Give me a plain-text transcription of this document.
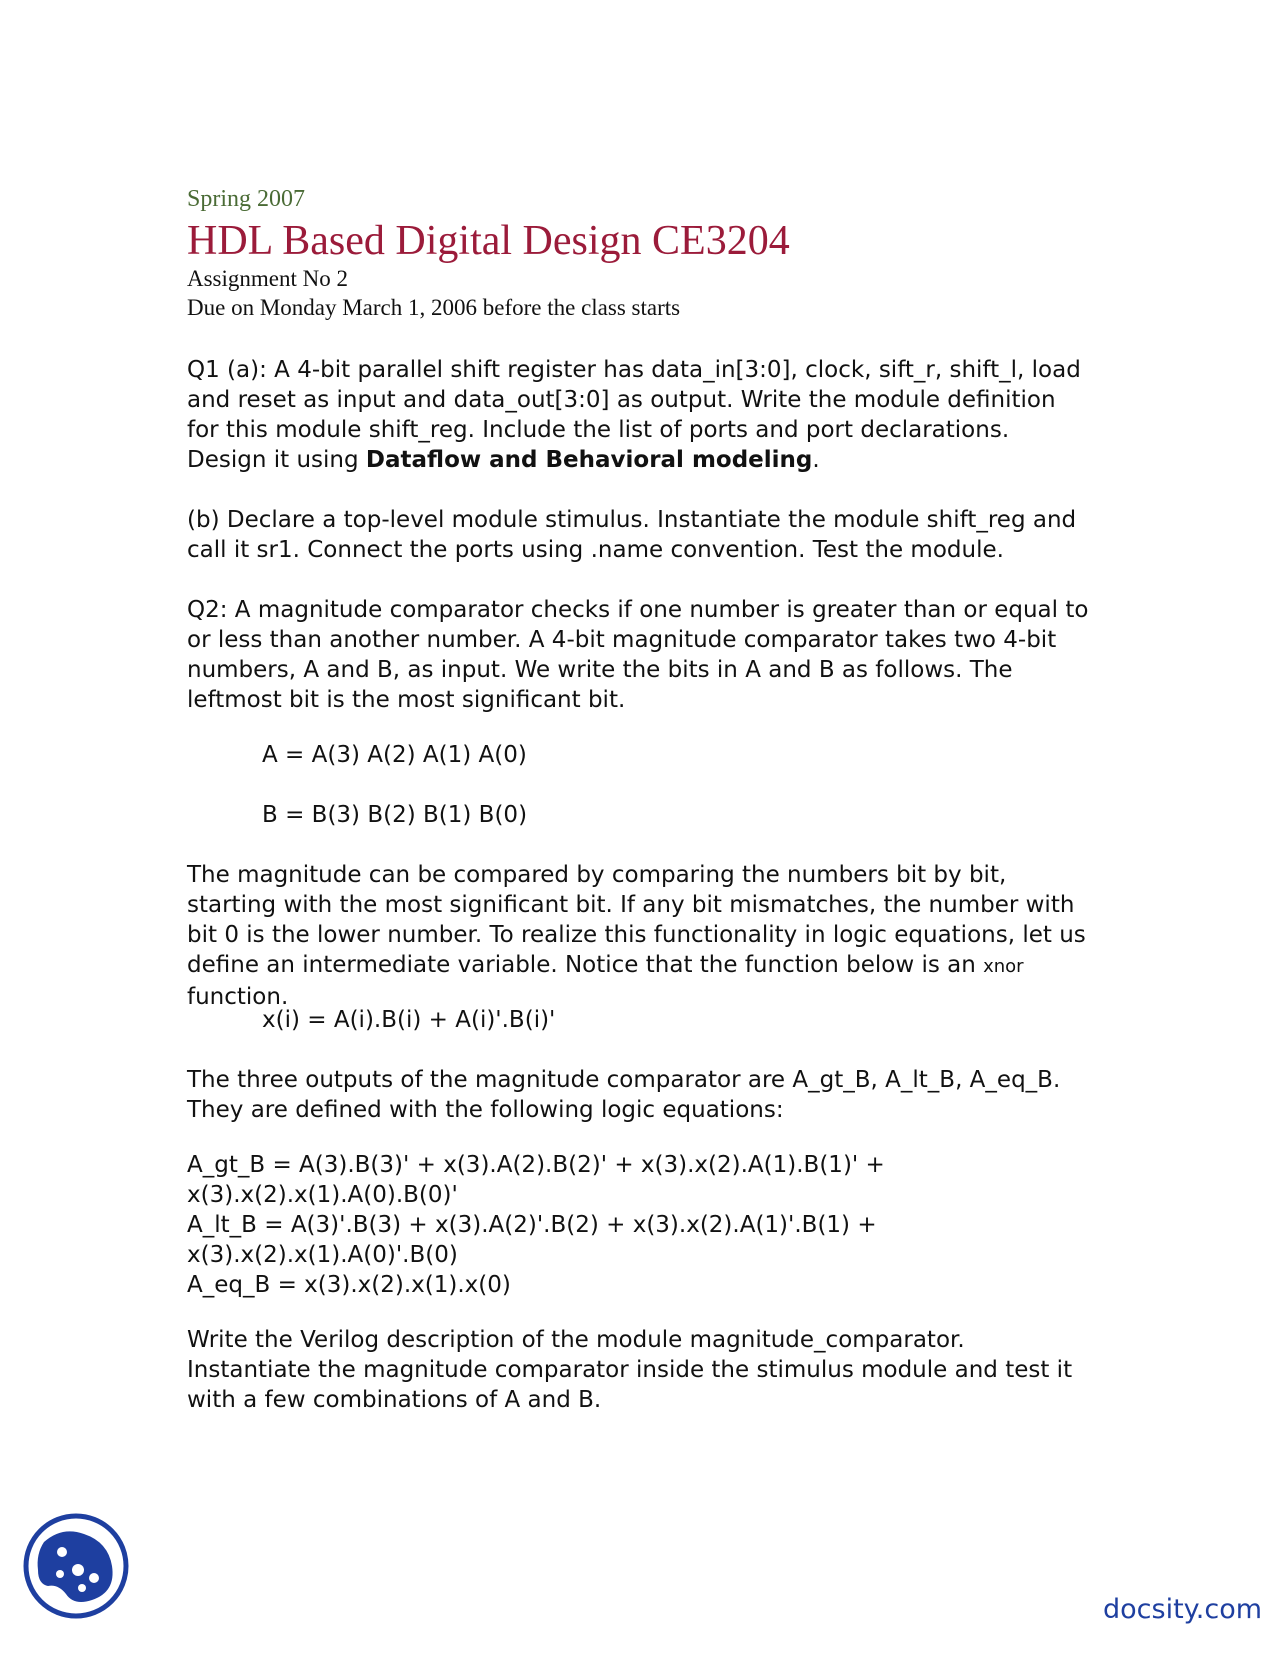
Spring 2007
HDL Based Digital Design CE3204
Assignment No 2
Due on Monday March 1, 2006 before the class starts

Q1 (a): A 4-bit parallel shift register has data_in[3:0], clock, sift_r, shift_l, load and reset as input and data_out[3:0] as output. Write the module definition for this module shift_reg. Include the list of ports and port declarations. Design it using Dataflow and Behavioral modeling.

(b) Declare a top-level module stimulus. Instantiate the module shift_reg and call it sr1. Connect the ports using .name convention. Test the module.

Q2: A magnitude comparator checks if one number is greater than or equal to or less than another number. A 4-bit magnitude comparator takes two 4-bit numbers, A and B, as input. We write the bits in A and B as follows. The leftmost bit is the most significant bit.

A = A(3) A(2) A(1) A(0)
B = B(3) B(2) B(1) B(0)

The magnitude can be compared by comparing the numbers bit by bit, starting with the most significant bit. If any bit mismatches, the number with bit 0 is the lower number. To realize this functionality in logic equations, let us define an intermediate variable. Notice that the function below is an xnor function.

x(i) = A(i).B(i) + A(i)'.B(i)'

The three outputs of the magnitude comparator are A_gt_B, A_lt_B, A_eq_B. They are defined with the following logic equations:

A_gt_B = A(3).B(3)' + x(3).A(2).B(2)' + x(3).x(2).A(1).B(1)' +
x(3).x(2).x(1).A(0).B(0)'
A_lt_B = A(3)'.B(3) + x(3).A(2)'.B(2) + x(3).x(2).A(1)'.B(1) +
x(3).x(2).x(1).A(0)'.B(0)
A_eq_B = x(3).x(2).x(1).x(0)
Write the Verilog description of the module magnitude_comparator.
Instantiate the magnitude comparator inside the stimulus module and test it with a few combinations of A and B.
docsity.com
